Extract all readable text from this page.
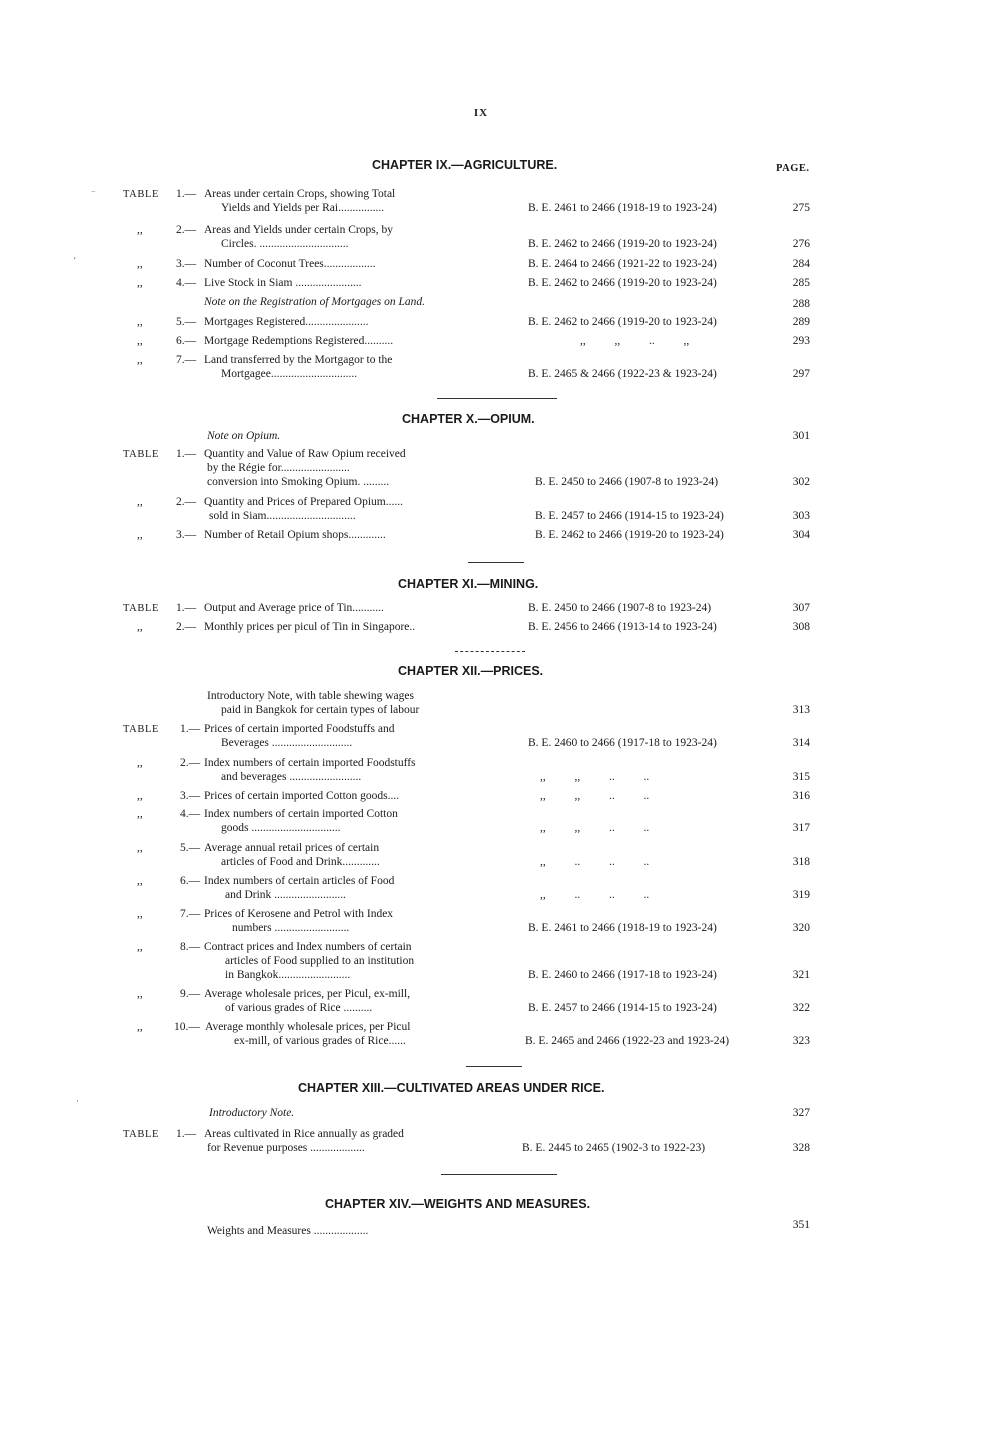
IX
CHAPTER IX.—AGRICULTURE.	PAGE.
TABLE 1.— Areas under certain Crops, showing Total
Yields and Yields per Rai................	B. E. 2461 to 2466 (1918-19 to 1923-24)	275
,,	2.— Areas and Yields under certain Crops, by
Circles. ...............................	B. E. 2462 to 2466 (1919-20 to 1923-24)	276
,,	3.— Number of Coconut Trees..................	B. E. 2464 to 2466 (1921-22 to 1923-24)	284
,,	4.— Live Stock in Siam .......................	B. E. 2462 to 2466 (1919-20 to 1923-24)	285
Note on the Registration of Mortgages on Land.	288
,,	5.— Mortgages Registered......................	B. E. 2462 to 2466 (1919-20 to 1923-24)	289
,,	6.— Mortgage Redemptions Registered..........	,,          ,,          ..          ,,	293
,,	7.— Land transferred by the Mortgagor to the
Mortgagee..............................	B. E. 2465 & 2466 (1922-23 & 1923-24)	297
CHAPTER X.—OPIUM.
Note on Opium.	301
TABLE 1.— Quantity and Value of Raw Opium received
by the Régie for........................
conversion into Smoking Opium. .........	B. E. 2450 to 2466 (1907-8 to 1923-24)	302
,,	2.— Quantity and Prices of Prepared Opium......
sold in Siam...............................	B. E. 2457 to 2466 (1914-15 to 1923-24)	303
,,	3.— Number of Retail Opium shops.............	B. E. 2462 to 2466 (1919-20 to 1923-24)	304
CHAPTER XI.—MINING.
TABLE 1.— Output and Average price of Tin...........	B. E. 2450 to 2466 (1907-8 to 1923-24)	307
,,	2.— Monthly prices per picul of Tin in Singapore..	B. E. 2456 to 2466 (1913-14 to 1923-24)	308
CHAPTER XII.—PRICES.
Introductory Note, with table shewing wages
paid in Bangkok for certain types of labour	313
TABLE 1.— Prices of certain imported Foodstuffs and
Beverages ............................	B. E. 2460 to 2466 (1917-18 to 1923-24)	314
,,	2.— Index numbers of certain imported Foodstuffs
and beverages .........................	,,          ,,          ..          ..	315
,,	3.— Prices of certain imported Cotton goods....	,,          ,,          ..          ..	316
,,	4.— Index numbers of certain imported Cotton
goods ...............................	,,          ,,          ..          ..	317
,,	5.— Average annual retail prices of certain
articles of Food and Drink.............	,,          ..          ..          ..	318
,,	6.— Index numbers of certain articles of Food
and Drink .........................	,,          ..          ..          ..	319
,,	7.— Prices of Kerosene and Petrol with Index
numbers ..........................	B. E. 2461 to 2466 (1918-19 to 1923-24)	320
,,	8.— Contract prices and Index numbers of certain
articles of Food supplied to an institution
in Bangkok.........................	B. E. 2460 to 2466 (1917-18 to 1923-24)	321
,,	9.— Average wholesale prices, per Picul, ex-mill,
of various grades of Rice ..........	B. E. 2457 to 2466 (1914-15 to 1923-24)	322
,,	10.— Average monthly wholesale prices, per Picul
ex-mill, of various grades of Rice......	B. E. 2465 and 2466 (1922-23 and 1923-24)	323
CHAPTER XIII.—CULTIVATED AREAS UNDER RICE.
Introductory Note.	327
TABLE 1.— Areas cultivated in Rice annually as graded
for Revenue purposes ...................	B. E. 2445 to 2465 (1902-3 to 1922-23)	328
CHAPTER XIV.—WEIGHTS AND MEASURES.
Weights and Measures ...................	351
⁻
ʳ
·
